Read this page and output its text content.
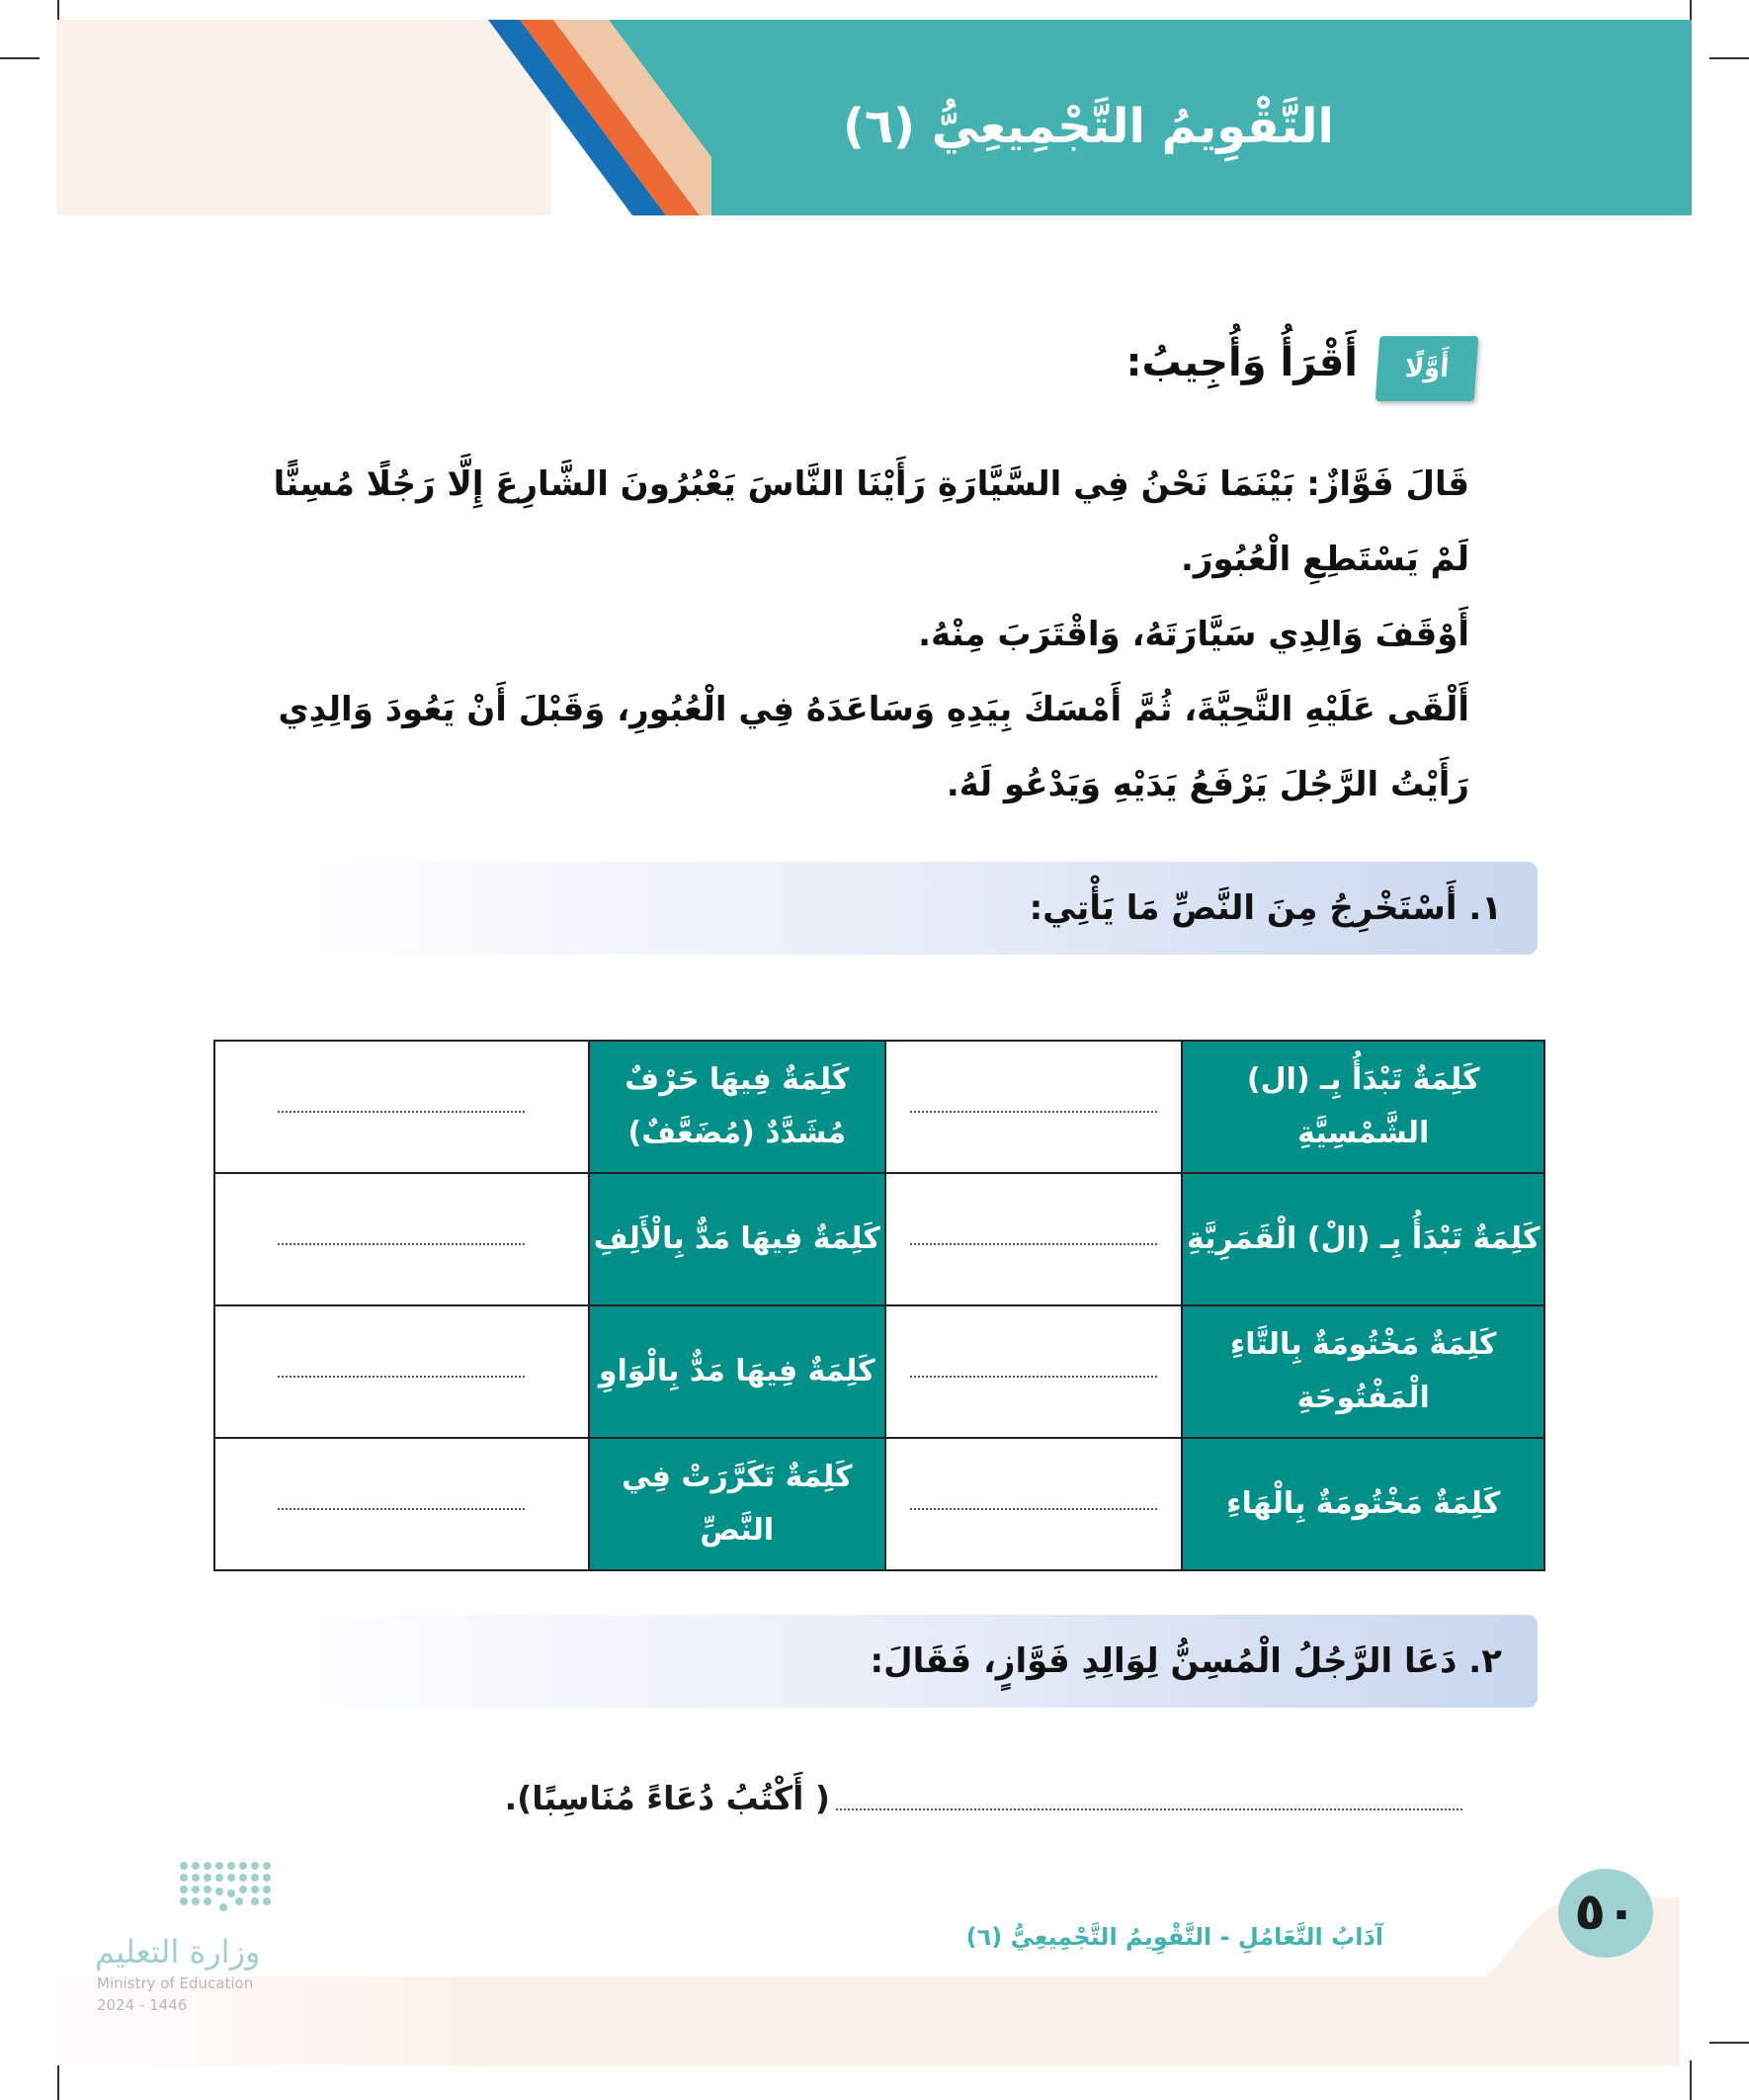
التَّقْوِيمُ التَّجْمِيعِيُّ (٦)
أَوَّلًا
أَقْرَأُ وَأُجِيبُ:

قَالَ فَوَّازٌ: بَيْنَمَا نَحْنُ فِي السَّيَّارَةِ رَأَيْنَا النَّاسَ يَعْبُرُونَ الشَّارِعَ إِلَّا رَجُلًا مُسِنًّا لَمْ يَسْتَطِعِ الْعُبُورَ.

أَوْقَفَ وَالِدِي سَيَّارَتَهُ، وَاقْتَرَبَ مِنْهُ.

أَلْقَى عَلَيْهِ التَّحِيَّةَ، ثُمَّ أَمْسَكَ بِيَدِهِ وَسَاعَدَهُ فِي الْعُبُورِ، وَقَبْلَ أَنْ يَعُودَ وَالِدِي رَأَيْتُ الرَّجُلَ يَرْفَعُ يَدَيْهِ وَيَدْعُو لَهُ.

١. أَسْتَخْرِجُ مِنَ النَّصِّ مَا يَأْتِي:
	كَلِمَةٌ فِيهَا حَرْفٌ مُشَدَّدٌ (مُضَعَّفٌ)		كَلِمَةٌ تَبْدَأُ بِـ (ال) الشَّمْسِيَّةِ
	كَلِمَةٌ فِيهَا مَدٌّ بِالْأَلِفِ		كَلِمَةٌ تَبْدَأُ بِـ (الْ) الْقَمَرِيَّةِ
	كَلِمَةٌ فِيهَا مَدٌّ بِالْوَاوِ		كَلِمَةٌ مَخْتُومَةٌ بِالتَّاءِ الْمَفْتُوحَةِ
	كَلِمَةٌ تَكَرَّرَتْ فِي النَّصِّ		كَلِمَةٌ مَخْتُومَةٌ بِالْهَاءِ
٢. دَعَا الرَّجُلُ الْمُسِنُّ لِوَالِدِ فَوَّازٍ، فَقَالَ:
( أَكْتُبُ دُعَاءً مُنَاسِبًا).
٥٠
آدَابُ التَّعَامُلِ - التَّقْوِيمُ التَّجْمِيعِيُّ (٦)
وزارة التعليم
Ministry of Education
2024 - 1446
